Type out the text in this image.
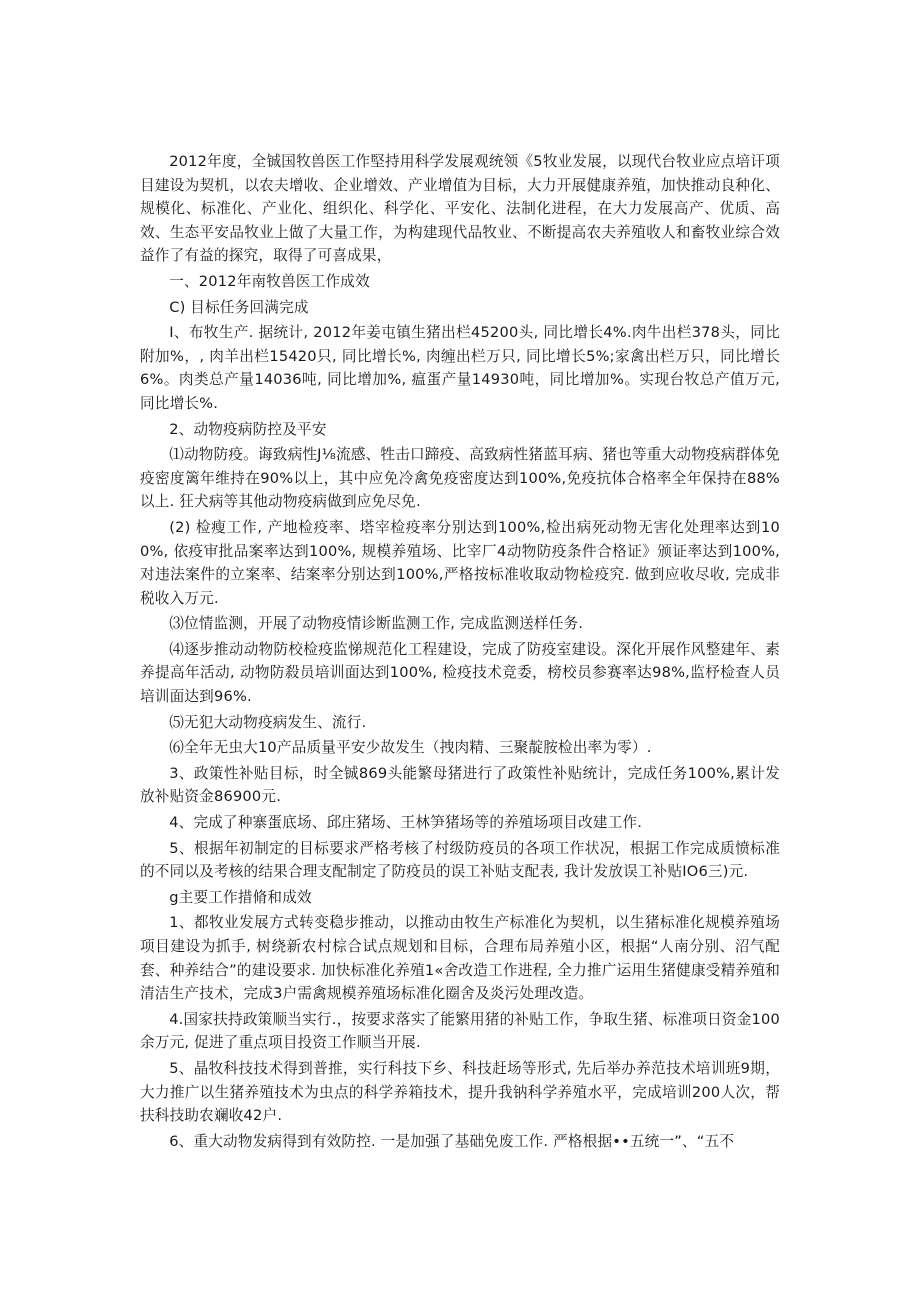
2012年度，全铖国牧兽医工作堅持用科学发展观统领《5牧业发展，以现代台牧业应点培讦项目建设为契机，以农夫增收、企业增效、产业增值为目标，大力开展健康养殖，加快推动良种化、规模化、标准化、产业化、组织化、科学化、平安化、法制化进程，在大力发展高产、优质、高效、生态平安品牧业上做了大量工作，为构建现代品牧业、不断提高农夫养殖收人和畜牧业综合效益作了有益的探究，取得了可喜成果，

一、2012年南牧兽医工作成效

C) 目标任务回满完成

I、布牧生产. 据统计, 2012年姜屯镇生猪出栏45200头, 同比增长4%.肉牛出栏378头，同比附加%，, 肉羊出栏15420只, 同比增长%, 肉缠出栏万只, 同比增长5%;家禽出栏万只，同比增长6%。肉类总产量14036吨, 同比增加%, 瘟蛋产量14930吨，同比增加%。实现台牧总产值万元, 同比增长%.

2、动物疫病防控及平安

⑴动物防疫。诲致病性J⅛流感、牲击口蹄疫、高致病性猪蓝耳病、猪也等重大动物疫病群体免疫密度篱年维持在90%以上，其中应免冷禽免疫密度达到100%,免疫抗体合格率全年保持在88%以上. 狂犬病等其他动物疫病做到应免尽免.

(2) 检瘦工作, 产地检疫率、塔宰检疫率分别达到100%,检出病死动物无害化处理率达到100%, 依疫审批品案率达到100%, 规模养殖场、比宰厂4动物防疫条件合格证》颁证率达到100%,对违法案件的立案率、结案率分别达到100%,严格按标准收取动物检疫究. 做到应收尽收, 完成非税收入万元.

⑶位情监测，开展了动物疫情诊断监测工作, 完成监测送样任务.

⑷逐步推动动物防校检疫监悌规范化工程建设，完成了防疫室建设。深化开展作风整建年、素养提高年活动, 动物防殺员培训面达到100%, 检疫技术竞委，榜校员参赛率达98%,监杼检查人员培训面达到96%.

⑸无犯大动物疫病发生、流行.

⑹全年无虫大10产品质量平安少故发生（拽肉精、三聚靛胺检出率为零）.

3、政策性补贴目标，时全铖869头能繁母猪进行了政策性补贴统计，完成任务100%,累计发放补贴资金86900元.

4、完成了种寨蛋底场、邱庄猪场、王林笋猪场等的养殖场项目改建工作.

5、根据年初制定的目标要求严格考核了村级防疫员的各项工作状况，根据工作完成质愤标准的不同以及考核的结果合理支配制定了防疫员的误工补贴支配表, 我计发放误工补贴IO6三)元.

g主要工作措脩和成效

1、都牧业发展方式转变稳步推动，以推动由牧生产标准化为契机，以生猪标准化规模养殖场项目建设为抓手, 树绕新农村棕合试点规划和目标，合理布局养殖小区，根据“人南分别、沼气配套、种养结合”的建设要求. 加快标准化养殖1«舍改造工作进程, 全力推广运用生猪健康受精养殖和清洁生产技术，完成3户需禽规模养殖场标准化圈舍及炎污处理改造。

4.国家扶持政策顺当实行.，按要求落实了能繁用猪的补贴工作，争取生猪、标准项日资金100余万元, 促进了重点项目投资工作顺当开展.

5、晶牧科技技术得到普推，实行科技下乡、科技赶场等形式, 先后举办养范技术培训班9期，大力推广以生猪养殖技术为虫点的科学养箱技术，提升我钠科学养殖水平，完成培训200人次，帮扶科技助农斓收42户.

6、重大动物发病得到有效防控. 一是加强了基础免废工作. 严格根据••五统一”、“五不
